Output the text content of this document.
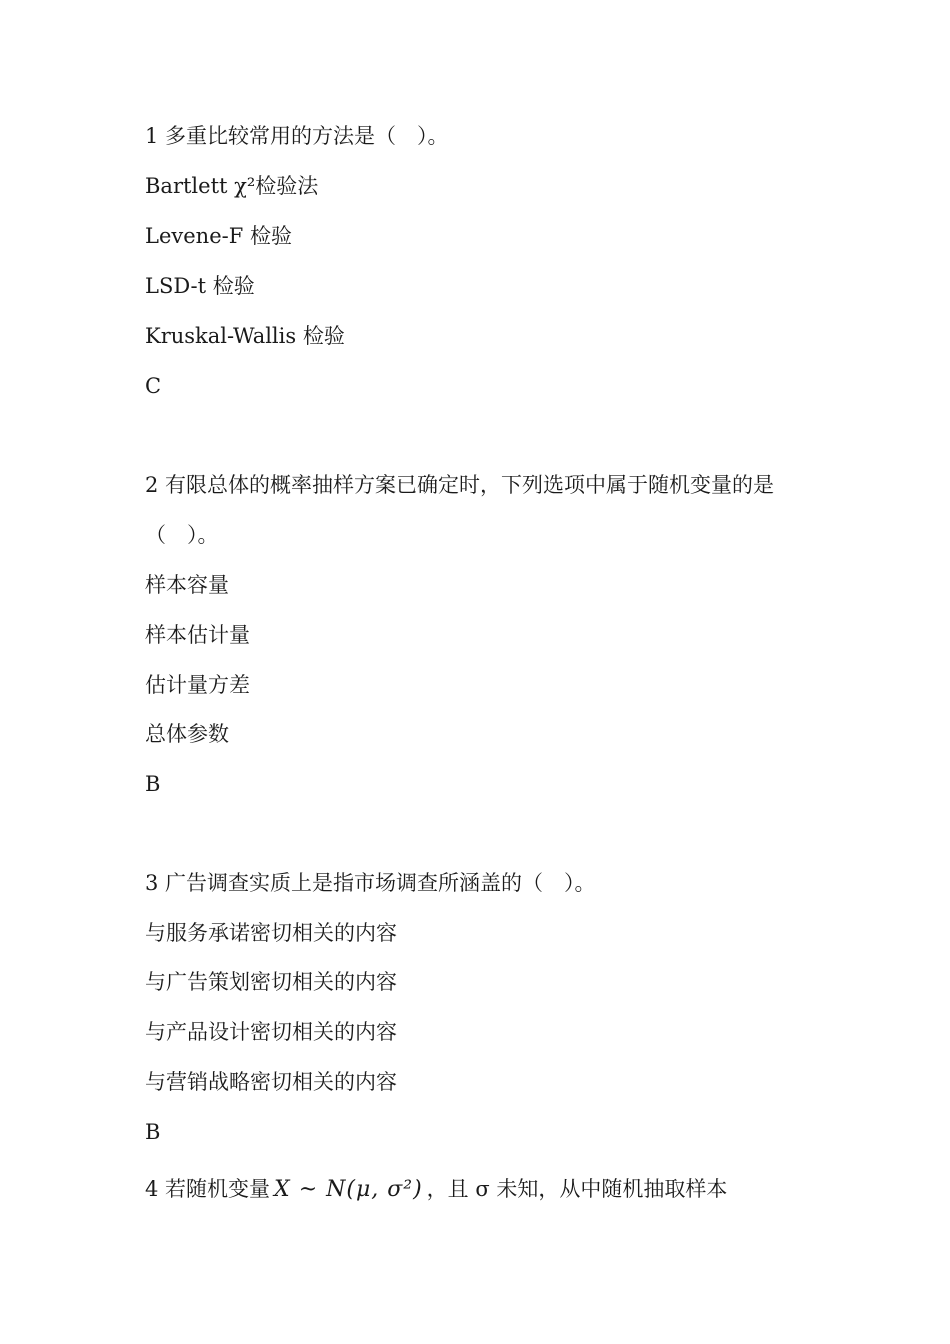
1 多重比较常用的方法是（　）。
Bartlett χ²检验法
Levene-F 检验
LSD-t 检验
Kruskal-Wallis 检验
C
2 有限总体的概率抽样方案已确定时，下列选项中属于随机变量的是
（　）。
样本容量
样本估计量
估计量方差
总体参数
B
3 广告调查实质上是指市场调查所涵盖的（　）。
与服务承诺密切相关的内容
与广告策划密切相关的内容
与产品设计密切相关的内容
与营销战略密切相关的内容
B
4 若随机变量 X ~ N(μ, σ²) ，且 σ 未知，从中随机抽取样本
